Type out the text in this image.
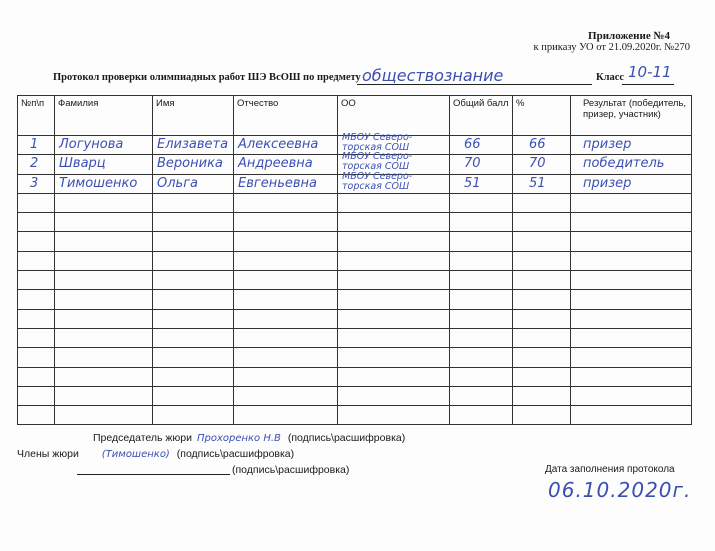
Приложение №4
к приказу УО от 21.09.2020г. №270
Протокол проверки олимпиадных работ ШЭ ВсОШ по предмету обществознание	Класс 10-11
№п\п	Фамилия	Имя	Отчество	ОО	Общий балл	%	Результат (победитель, призер, участник)

1	Логунова	Елизавета	Алексеевна	МБОУ Северо-торская СОШ	66	66	призер

2	Шварц	Вероника	Андреевна	МБОУ Северо-торская СОШ	70	70	победитель

3	Тимошенко	Ольга	Евгеньевна	МБОУ Северо-торская СОШ	51	51	призер

Председатель жюри Прохоренко Н.В (подпись\расшифровка)
Члены жюри (Тимошенко) (подпись\расшифровка)
(подпись\расшифровка)	Дата заполнения протокола
06.10.2020г.
